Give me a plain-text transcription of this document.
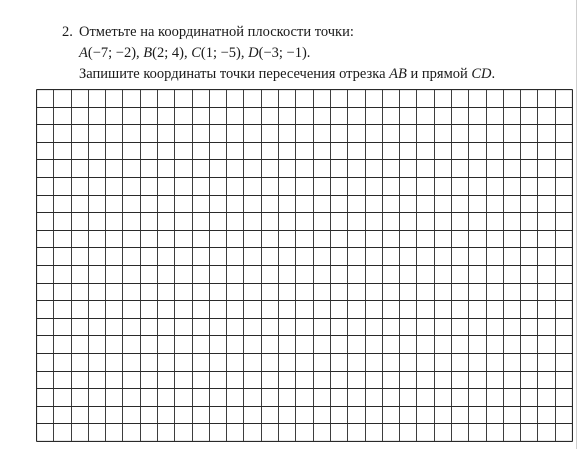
2. Отметьте на координатной плоскости точки:
A(−7; −2), B(2; 4), C(1; −5), D(−3; −1).
Запишите координаты точки пересечения отрезка AB и прямой CD.
